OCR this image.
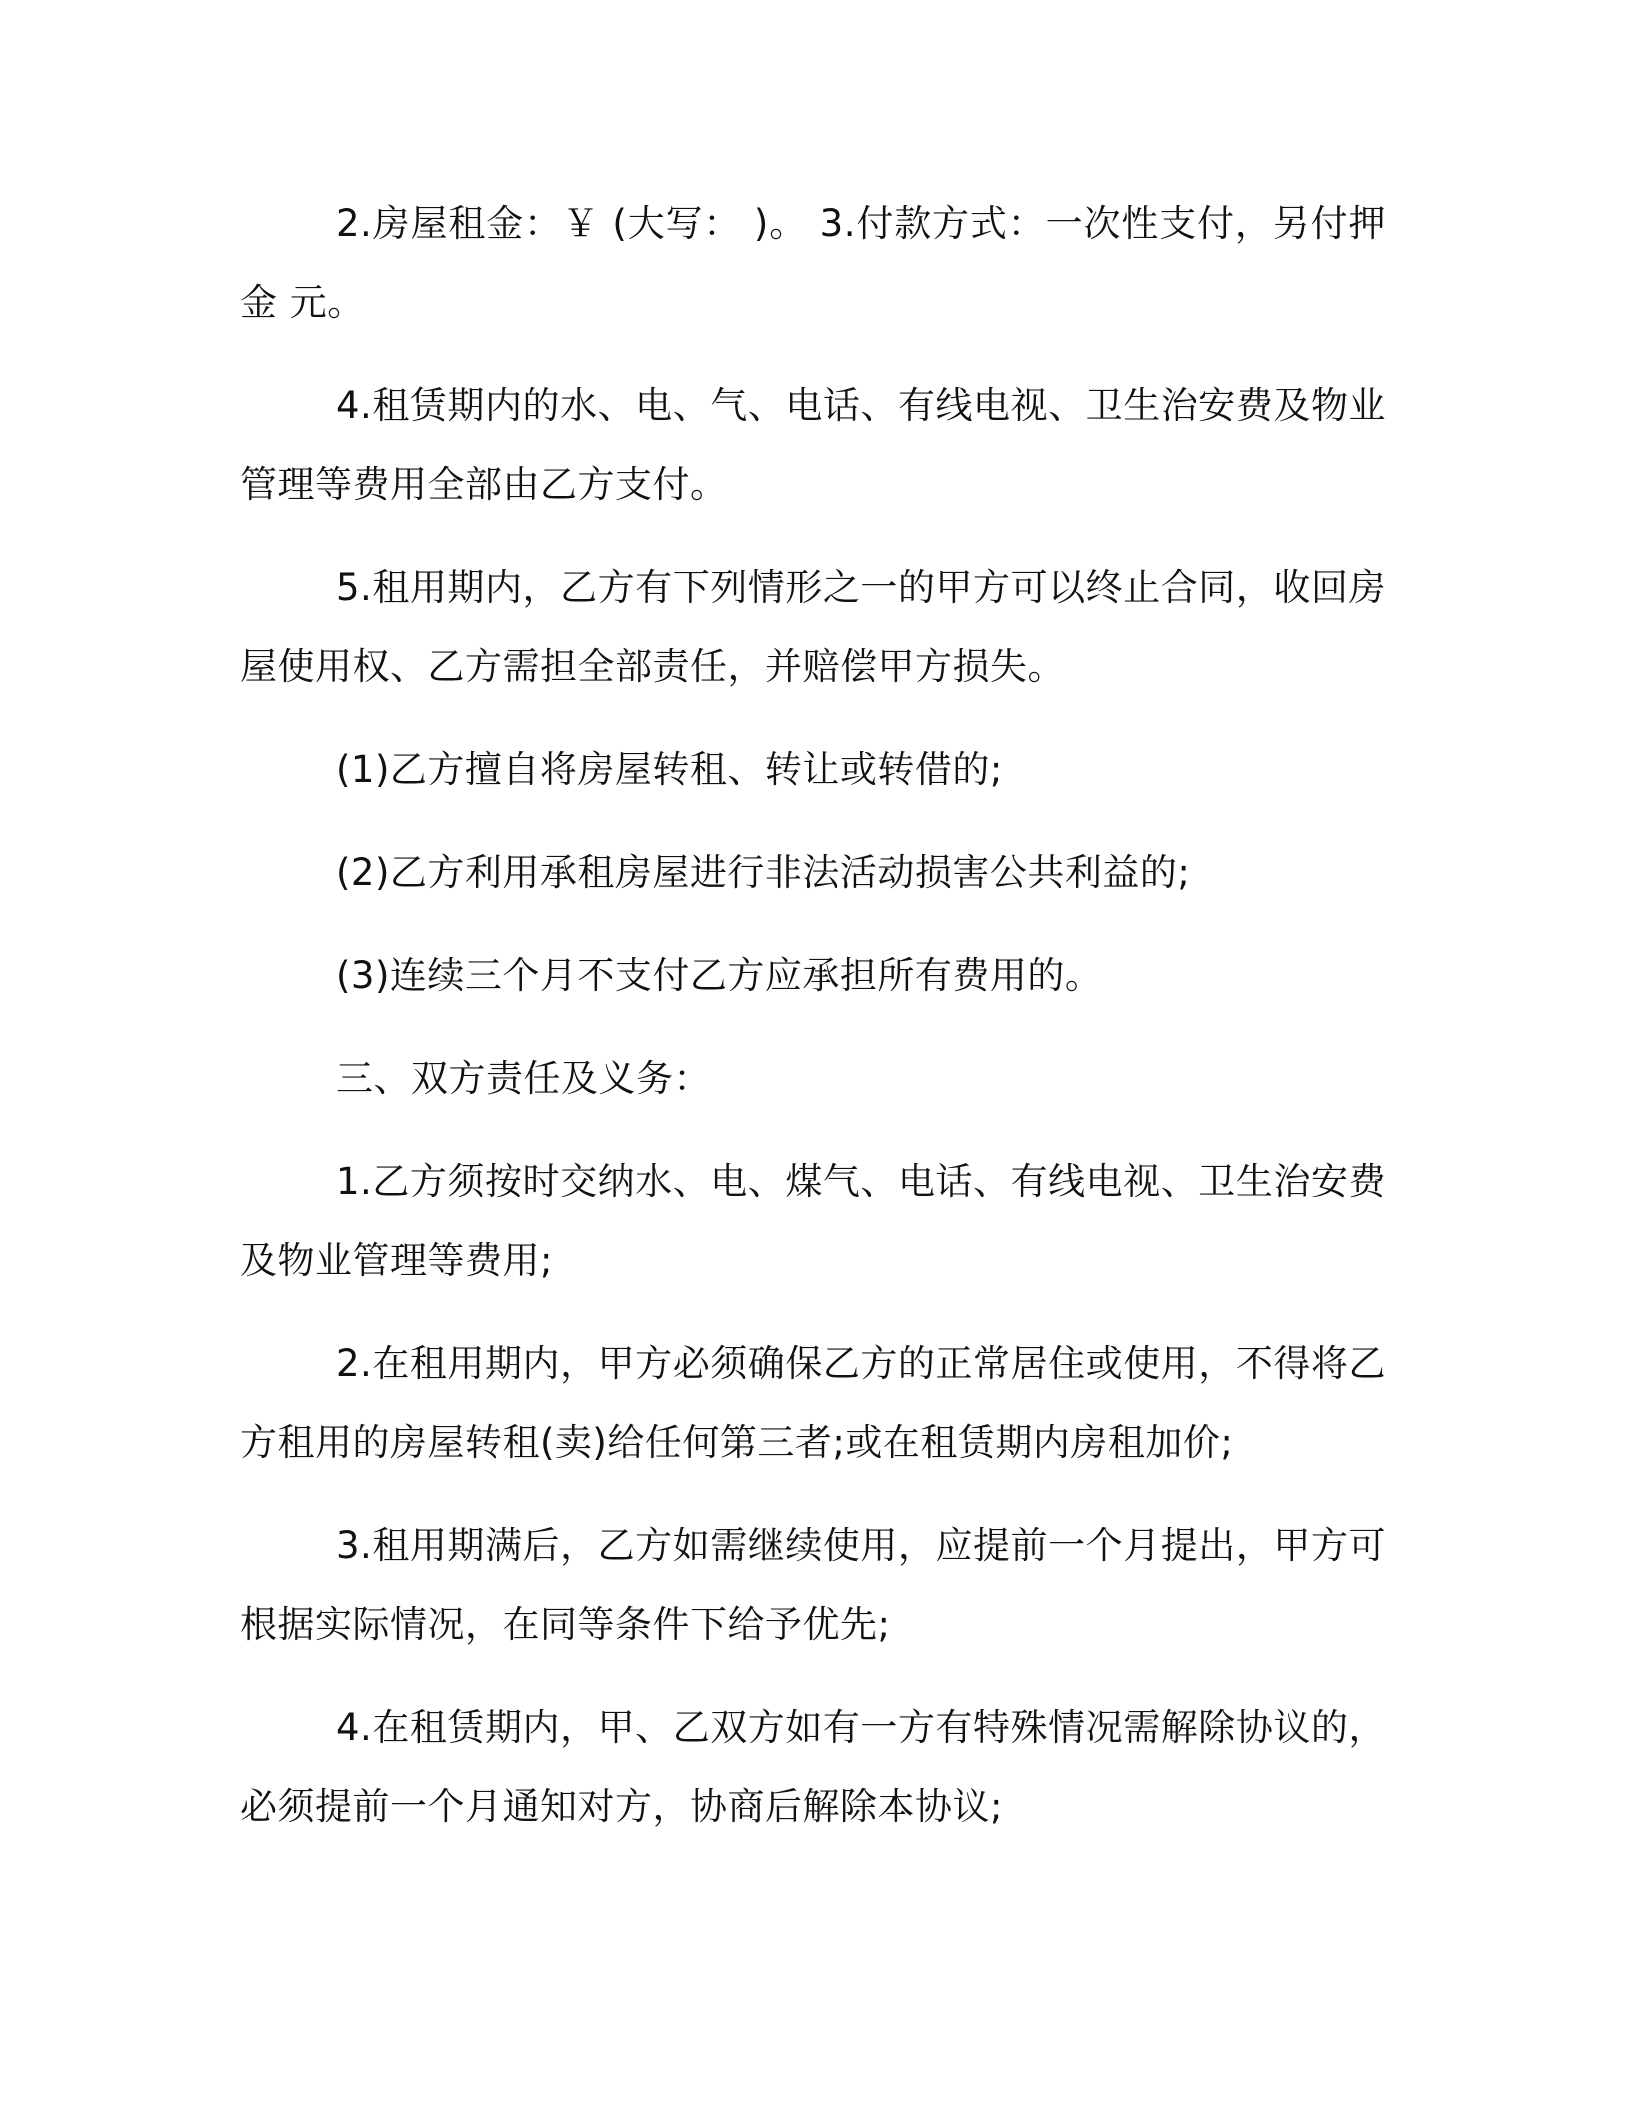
2.房屋租金：￥ (大写： )。 3.付款方式：一次性支付，另付押金 元。

4.租赁期内的水、电、气、电话、有线电视、卫生治安费及物业管理等费用全部由乙方支付。

5.租用期内，乙方有下列情形之一的甲方可以终止合同，收回房屋使用权、乙方需担全部责任，并赔偿甲方损失。

(1)乙方擅自将房屋转租、转让或转借的;

(2)乙方利用承租房屋进行非法活动损害公共利益的;

(3)连续三个月不支付乙方应承担所有费用的。

三、双方责任及义务：

1.乙方须按时交纳水、电、煤气、电话、有线电视、卫生治安费及物业管理等费用;

2.在租用期内，甲方必须确保乙方的正常居住或使用，不得将乙方租用的房屋转租(卖)给任何第三者;或在租赁期内房租加价;

3.租用期满后，乙方如需继续使用，应提前一个月提出，甲方可根据实际情况，在同等条件下给予优先;

4.在租赁期内，甲、乙双方如有一方有特殊情况需解除协议的，必须提前一个月通知对方，协商后解除本协议;
